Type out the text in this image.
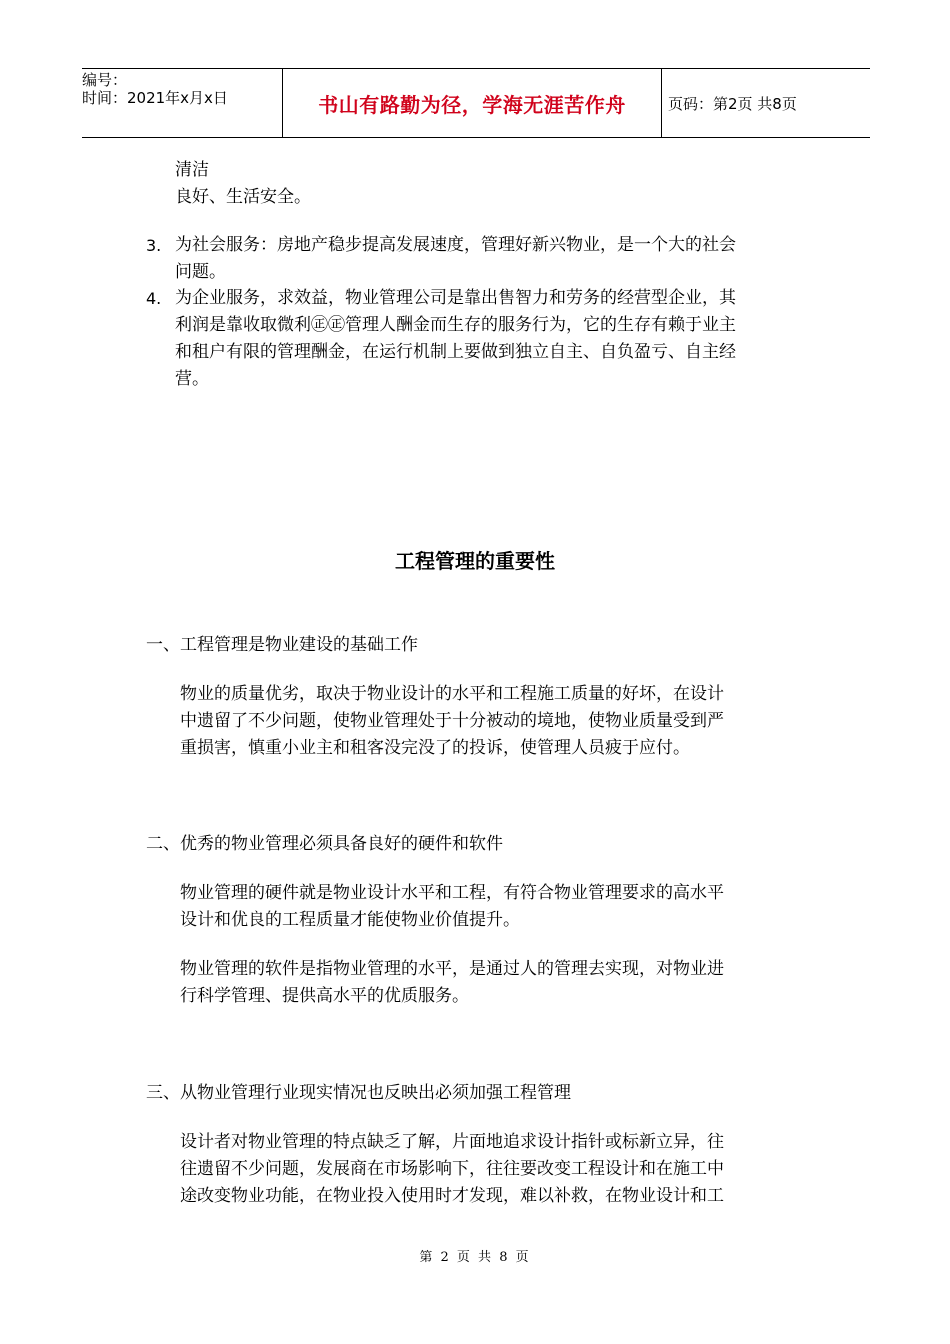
编号：
时间：2021年x月x日	书山有路勤为径，学海无涯苦作舟	页码：第2页 共8页
清洁
良好、生活安全。
3. 为社会服务：房地产稳步提高发展速度，管理好新兴物业，是一个大的社会
问题。
4. 为企业服务，求效益，物业管理公司是靠出售智力和劳务的经营型企业，其
利润是靠收取微利㊣㊣管理人酬金而生存的服务行为，它的生存有赖于业主
和租户有限的管理酬金，在运行机制上要做到独立自主、自负盈亏、自主经
营。
工程管理的重要性
一、工程管理是物业建设的基础工作
物业的质量优劣，取决于物业设计的水平和工程施工质量的好坏，在设计
中遗留了不少问题，使物业管理处于十分被动的境地，使物业质量受到严
重损害，慎重小业主和租客没完没了的投诉，使管理人员疲于应付。
二、优秀的物业管理必须具备良好的硬件和软件
物业管理的硬件就是物业设计水平和工程，有符合物业管理要求的高水平
设计和优良的工程质量才能使物业价值提升。
物业管理的软件是指物业管理的水平，是通过人的管理去实现，对物业进
行科学管理、提供高水平的优质服务。
三、从物业管理行业现实情况也反映出必须加强工程管理
设计者对物业管理的特点缺乏了解，片面地追求设计指针或标新立异，往
往遗留不少问题，发展商在市场影响下，往往要改变工程设计和在施工中
途改变物业功能，在物业投入使用时才发现，难以补救，在物业设计和工
第 2 页 共 8 页
